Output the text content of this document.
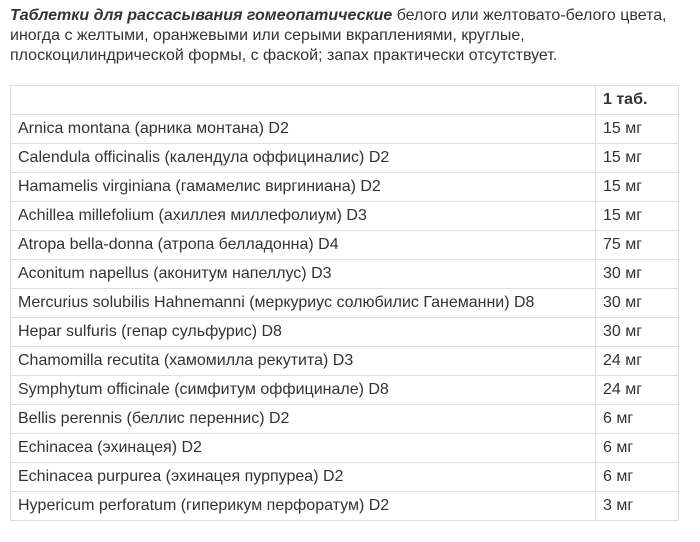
Таблетки для рассасывания гомеопатические белого или желтовато-белого цвета, иногда с желтыми, оранжевыми или серыми вкраплениями, круглые, плоскоцилиндрической формы, с фаской; запах практически отсутствует.

	1 таб.
Arnica montana (арника монтана) D2	15 мг
Calendula officinalis (календула оффициналис) D2	15 мг
Hamamelis virginiana (гамамелис виргиниана) D2	15 мг
Achillea millefolium (ахиллея миллефолиум) D3	15 мг
Atropa bella-donna (атропа белладонна) D4	75 мг
Aconitum napellus (аконитум напеллус) D3	30 мг
Mercurius solubilis Hahnemanni (меркуриус солюбилис Ганеманни) D8	30 мг
Hepar sulfuris (гепар сульфурис) D8	30 мг
Chamomilla recutita (хамомилла рекутита) D3	24 мг
Symphytum officinale (симфитум оффицинале) D8	24 мг
Bellis perennis (беллис переннис) D2	6 мг
Echinacea (эхинацея) D2	6 мг
Echinacea purpurea (эхинацея пурпуреа) D2	6 мг
Hypericum perforatum (гиперикум перфоратум) D2	3 мг
